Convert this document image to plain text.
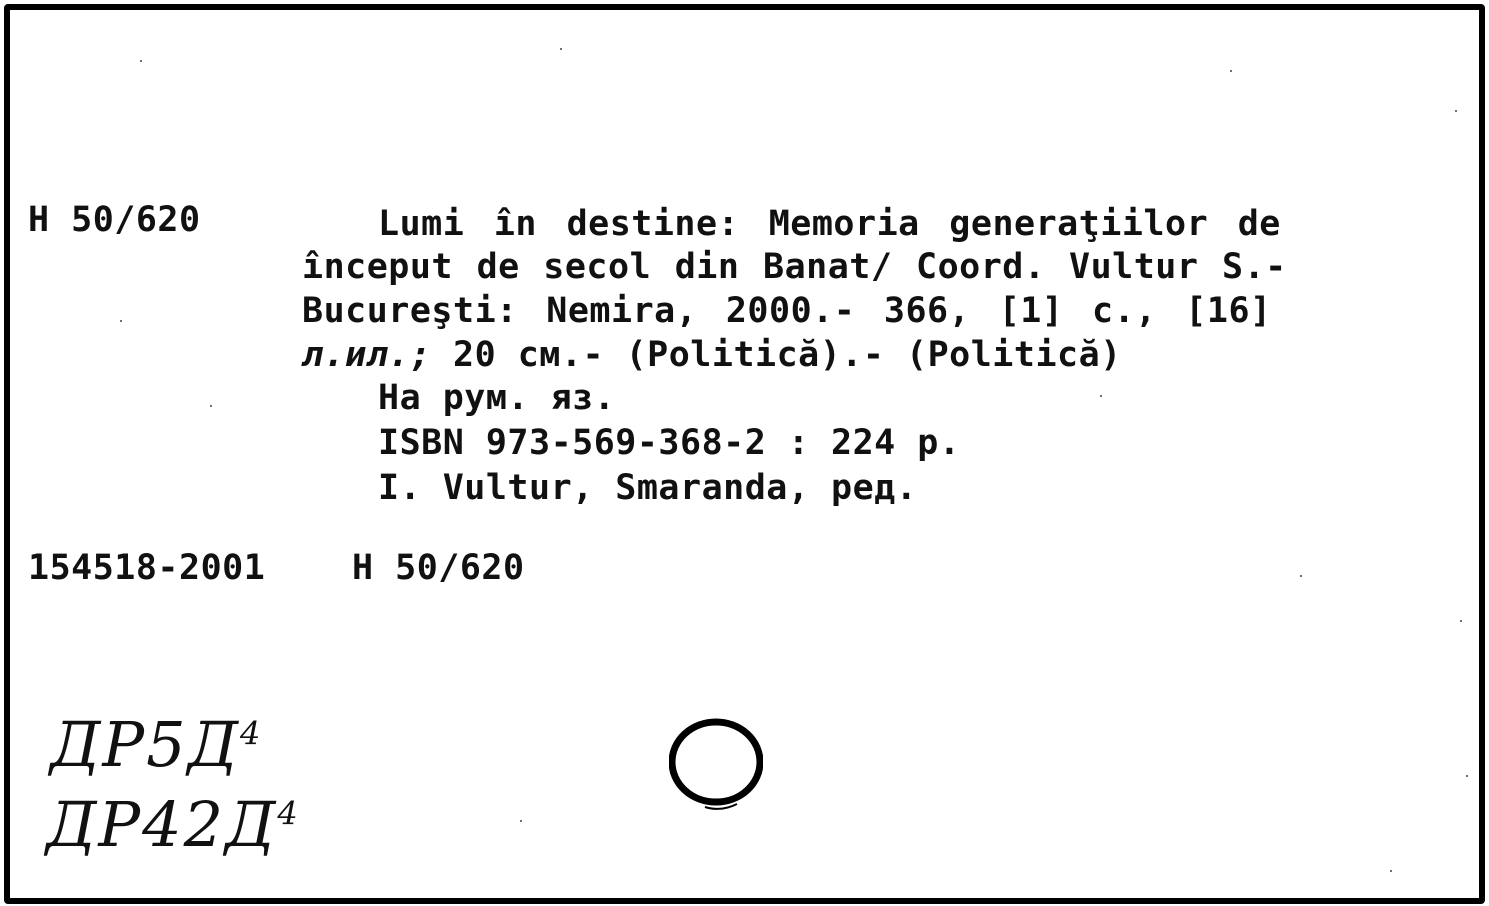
H 50/620	Lumi în destine: Memoria generaţiilor de
început de secol din Banat/ Coord. Vultur S.-
Bucureşti: Nemira, 2000.- 366, [1] c., [16]
л.ил.; 20 см.- (Politică).- (Politică)
На рум. яз.
ISBN 973-569-368-2 : 224 р.
I. Vultur, Smaranda, ред.
154518-2001 H 50/620
$ДР5Д^4$
$ДР42Д^4$
